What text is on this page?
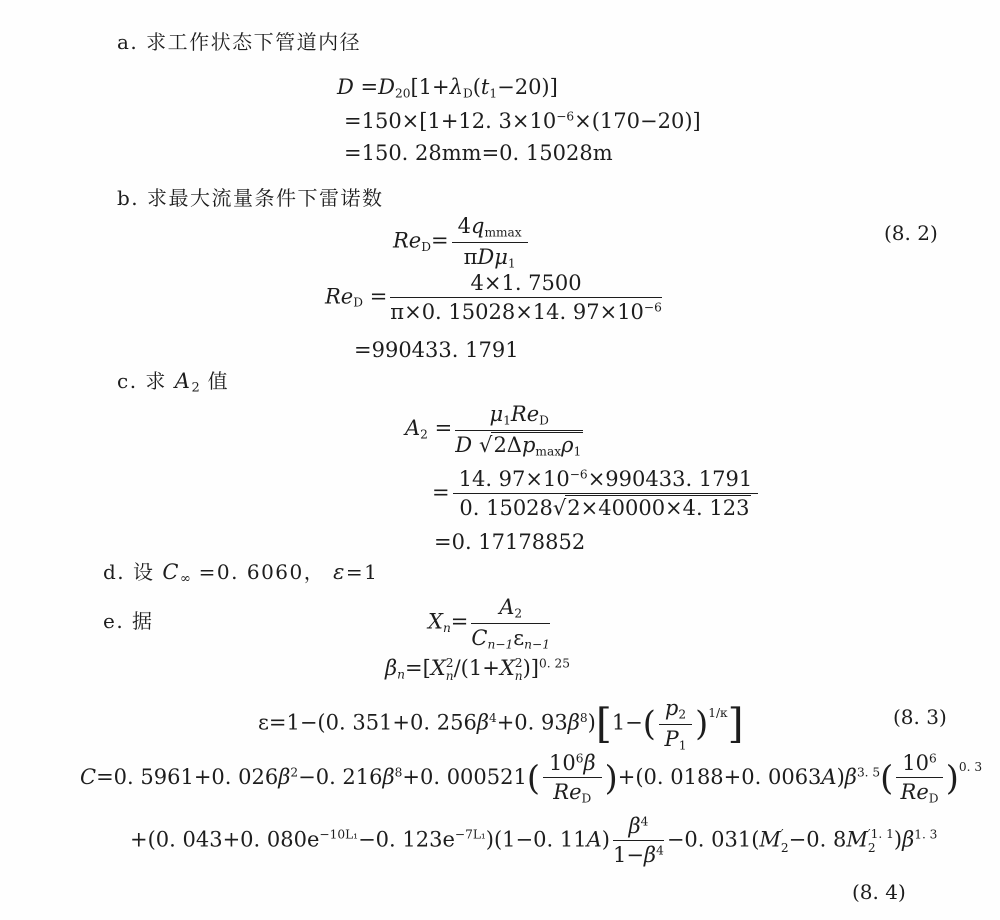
a. 求工作状态下管道内径
D =D20[1+λD(t1−20)]
=150×[1+12. $3\times 10^{-6}\times(170-20)$]
=150. 28mm=0. 15028m
b. 求最大流量条件下雷诺数
$ReD= \frac{4qmmax}{\text{πDμ1}}$	(8. 2)
ReD = $\frac{4\times 1. 7500}{\pi\times 0. 15028\times 14. 97\times 10^{-6}}$
=990433. 1791
c. 求 A2 值
$A2 = \frac{\text{μ1ReD}}{D √2\Delta pmax\rho 1}$
= $\frac{14. 97\times 10^{-6}\times 990433. 1791}{0. 15028√2\times 40000\times 4. 123}$
=0. 17178852
d. 设 C∞ =0. 6060， ε=1
e. 据	$Xn= \frac{A2}{Cn-1\varepsilon n-1}$
βn=[X 2
n /(1+X 2
n )]$^{0. 25}$
ε=1−(0. 351+0. $256\beta^4+0$. $93\beta^8)[1-( \frac{p2}{P1} )^{1/\kappa}]$	(8. 3)
C=0. 5961+0. $026\beta^2-0$. $216\beta^8+0$. $000521( \frac{10^6\beta}{\text{ReD}} )+(0$. 0188+0. $0063A)\beta^{3. 5}( \frac{10^6}{\text{ReD}} )^{0. 3}$
+(0. 043+0. $080e^{-10L_1}-0$. $123e^{-7L_1})(1-0$. $11A) \frac{\beta^4}{1-\beta^4} -0$. 031(M ′
2 −0. 8M ′1. 1
2 )$\beta^{1. 3}$
(8. 4)
